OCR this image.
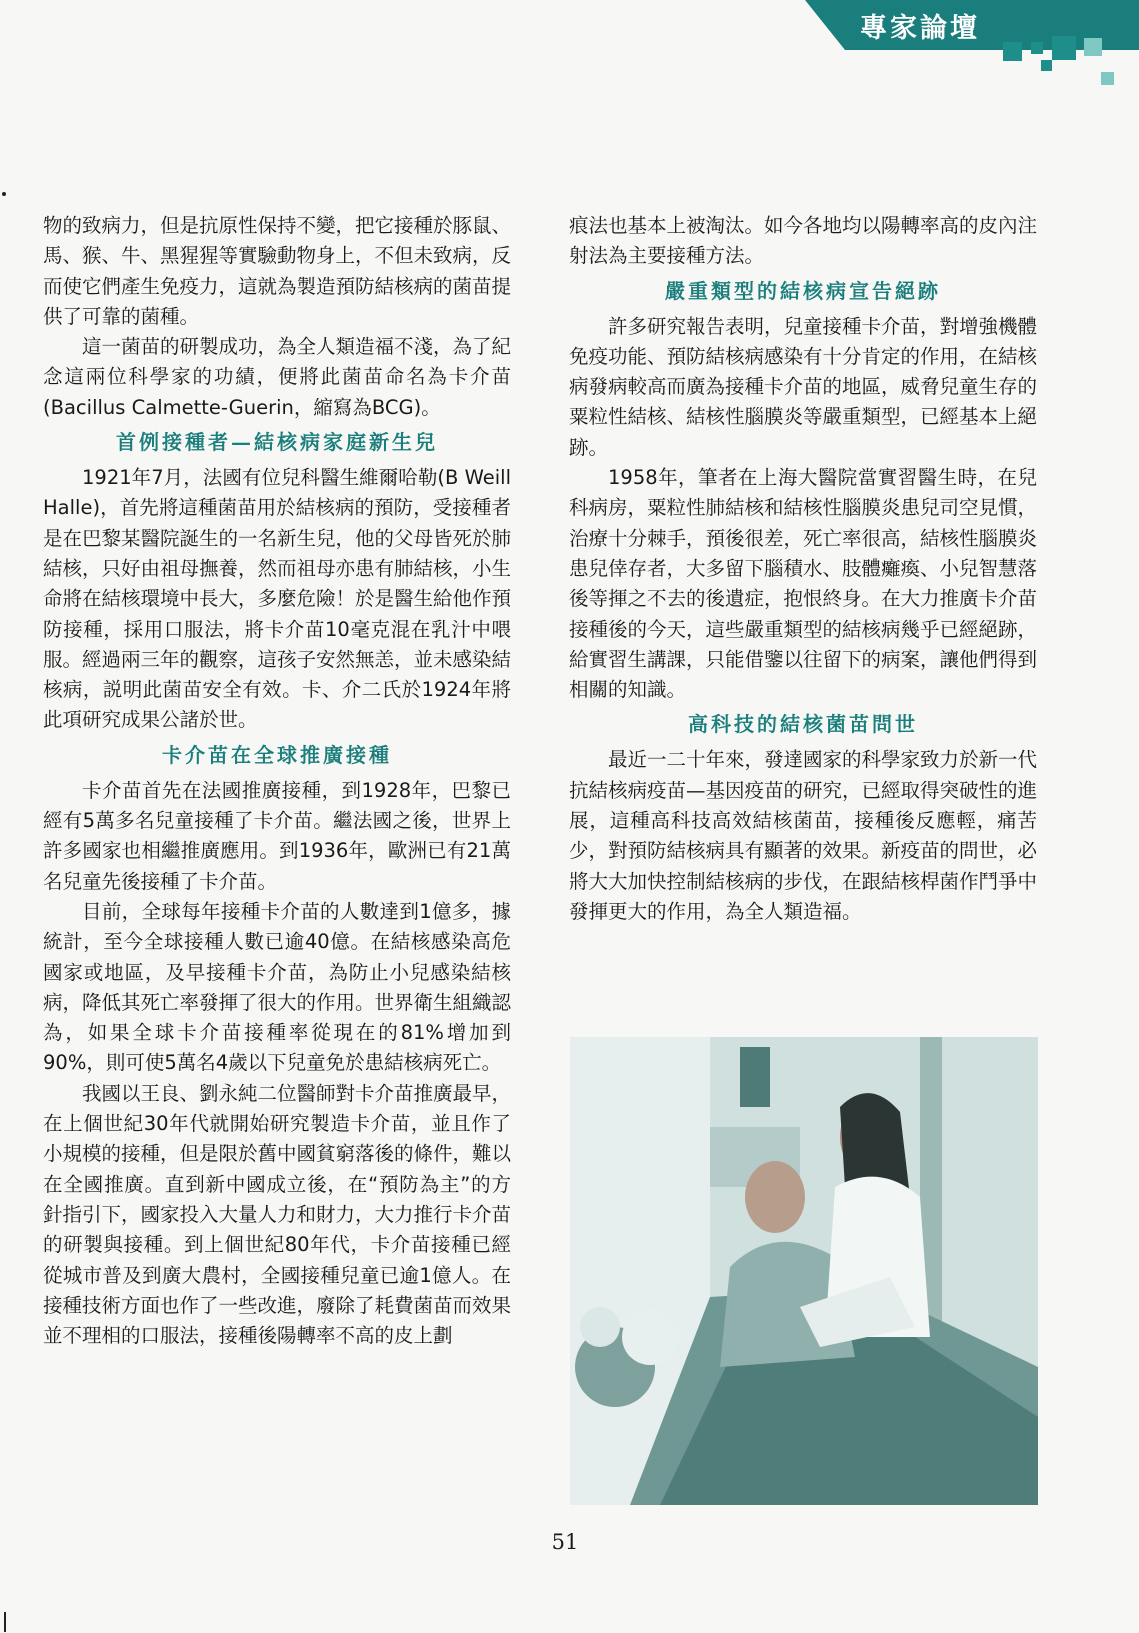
專家論壇

物的致病力，但是抗原性保持不變，把它接種於豚鼠、馬、猴、牛、黑猩猩等實驗動物身上，不但未致病，反而使它們產生免疫力，這就為製造預防結核病的菌苗提供了可靠的菌種。

這一菌苗的研製成功，為全人類造福不淺，為了紀念這兩位科學家的功績，便將此菌苗命名為卡介苗(Bacillus Calmette-Guerin，縮寫為BCG)。

首例接種者—結核病家庭新生兒

1921年7月，法國有位兒科醫生維爾哈勒(B Weill Halle)，首先將這種菌苗用於結核病的預防，受接種者是在巴黎某醫院誕生的一名新生兒，他的父母皆死於肺結核，只好由祖母撫養，然而祖母亦患有肺結核，小生命將在結核環境中長大，多麼危險！於是醫生給他作預防接種，採用口服法，將卡介苗10毫克混在乳汁中喂服。經過兩三年的觀察，這孩子安然無恙，並未感染結核病，説明此菌苗安全有效。卡、介二氏於1924年將此項研究成果公諸於世。

卡介苗在全球推廣接種

卡介苗首先在法國推廣接種，到1928年，巴黎已經有5萬多名兒童接種了卡介苗。繼法國之後，世界上許多國家也相繼推廣應用。到1936年，歐洲已有21萬名兒童先後接種了卡介苗。

目前，全球每年接種卡介苗的人數達到1億多，據統計，至今全球接種人數已逾40億。在結核感染高危國家或地區，及早接種卡介苗，為防止小兒感染結核病，降低其死亡率發揮了很大的作用。世界衛生組織認為，如果全球卡介苗接種率從現在的81%增加到90%，則可使5萬名4歲以下兒童免於患結核病死亡。

我國以王良、劉永純二位醫師對卡介苗推廣最早，在上個世紀30年代就開始研究製造卡介苗，並且作了小規模的接種，但是限於舊中國貧窮落後的條件，難以在全國推廣。直到新中國成立後，在“預防為主”的方針指引下，國家投入大量人力和財力，大力推行卡介苗的研製與接種。到上個世紀80年代，卡介苗接種已經從城市普及到廣大農村，全國接種兒童已逾1億人。在接種技術方面也作了一些改進，廢除了耗費菌苗而效果並不理相的口服法，接種後陽轉率不高的皮上劃

痕法也基本上被淘汰。如今各地均以陽轉率高的皮內注射法為主要接種方法。

嚴重類型的結核病宣告絕跡

許多研究報告表明，兒童接種卡介苗，對增強機體免疫功能、預防結核病感染有十分肯定的作用，在結核病發病較高而廣為接種卡介苗的地區，威脅兒童生存的粟粒性結核、結核性腦膜炎等嚴重類型，已經基本上絕跡。

1958年，筆者在上海大醫院當實習醫生時，在兒科病房，粟粒性肺結核和結核性腦膜炎患兒司空見慣，治療十分棘手，預後很差，死亡率很高，結核性腦膜炎患兒倖存者，大多留下腦積水、肢體癱瘓、小兒智慧落後等揮之不去的後遺症，抱恨終身。在大力推廣卡介苗接種後的今天，這些嚴重類型的結核病幾乎已經絕跡，給實習生講課，只能借鑒以往留下的病案，讓他們得到相關的知識。

高科技的結核菌苗問世

最近一二十年來，發達國家的科學家致力於新一代抗結核病疫苗—基因疫苗的研究，已經取得突破性的進展，這種高科技高效結核菌苗，接種後反應輕，痛苦少，對預防結核病具有顯著的效果。新疫苗的問世，必將大大加快控制結核病的步伐，在跟結核桿菌作鬥爭中發揮更大的作用，為全人類造福。

51
